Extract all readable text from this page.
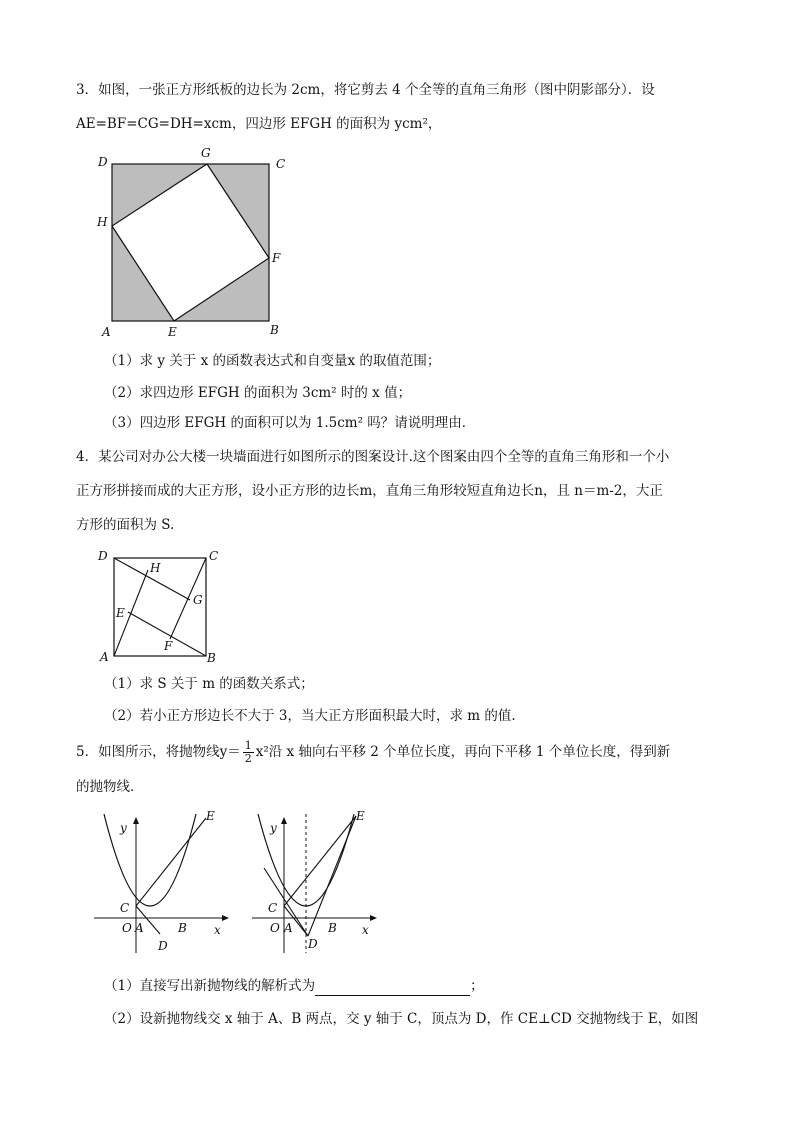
3．如图，一张正方形纸板的边长为 2cm，将它剪去 4 个全等的直角三角形（图中阴影部分）．设
AE=BF=CG=DH=xcm，四边形 EFGH 的面积为 ycm²，
D
G
C
H
F
A	E	B
（1）求 y 关于 x 的函数表达式和自变量x 的取值范围；
（2）求四边形 EFGH 的面积为 3cm² 时的 x 值；
（3）四边形 EFGH 的面积可以为 1.5cm² 吗？请说明理由．
4．某公司对办公大楼一块墙面进行如图所示的图案设计.这个图案由四个全等的直角三角形和一个小
正方形拼接而成的大正方形，设小正方形的边长m，直角三角形较短直角边长n，且 n＝m-2，大正
方形的面积为 S.
D	C
H
G
E
F
A	B
（1）求 S 关于 m 的函数关系式；
（2）若小正方形边长不大于 3，当大正方形面积最大时，求 m 的值.
5．如图所示，将抛物线$y= \frac{1}{2} x^2$沿 x 轴向右平移 2 个单位长度，再向下平移 1 个单位长度，得到新
的抛物线．
y
E
C
x
O A	B
D
y
E
C
x
O A	B
D
（1）直接写出新抛物线的解析式为	；
（2）设新抛物线交 x 轴于 A、B 两点，交 y 轴于 C，顶点为 D，作 CE⊥CD 交抛物线于 E，如图
